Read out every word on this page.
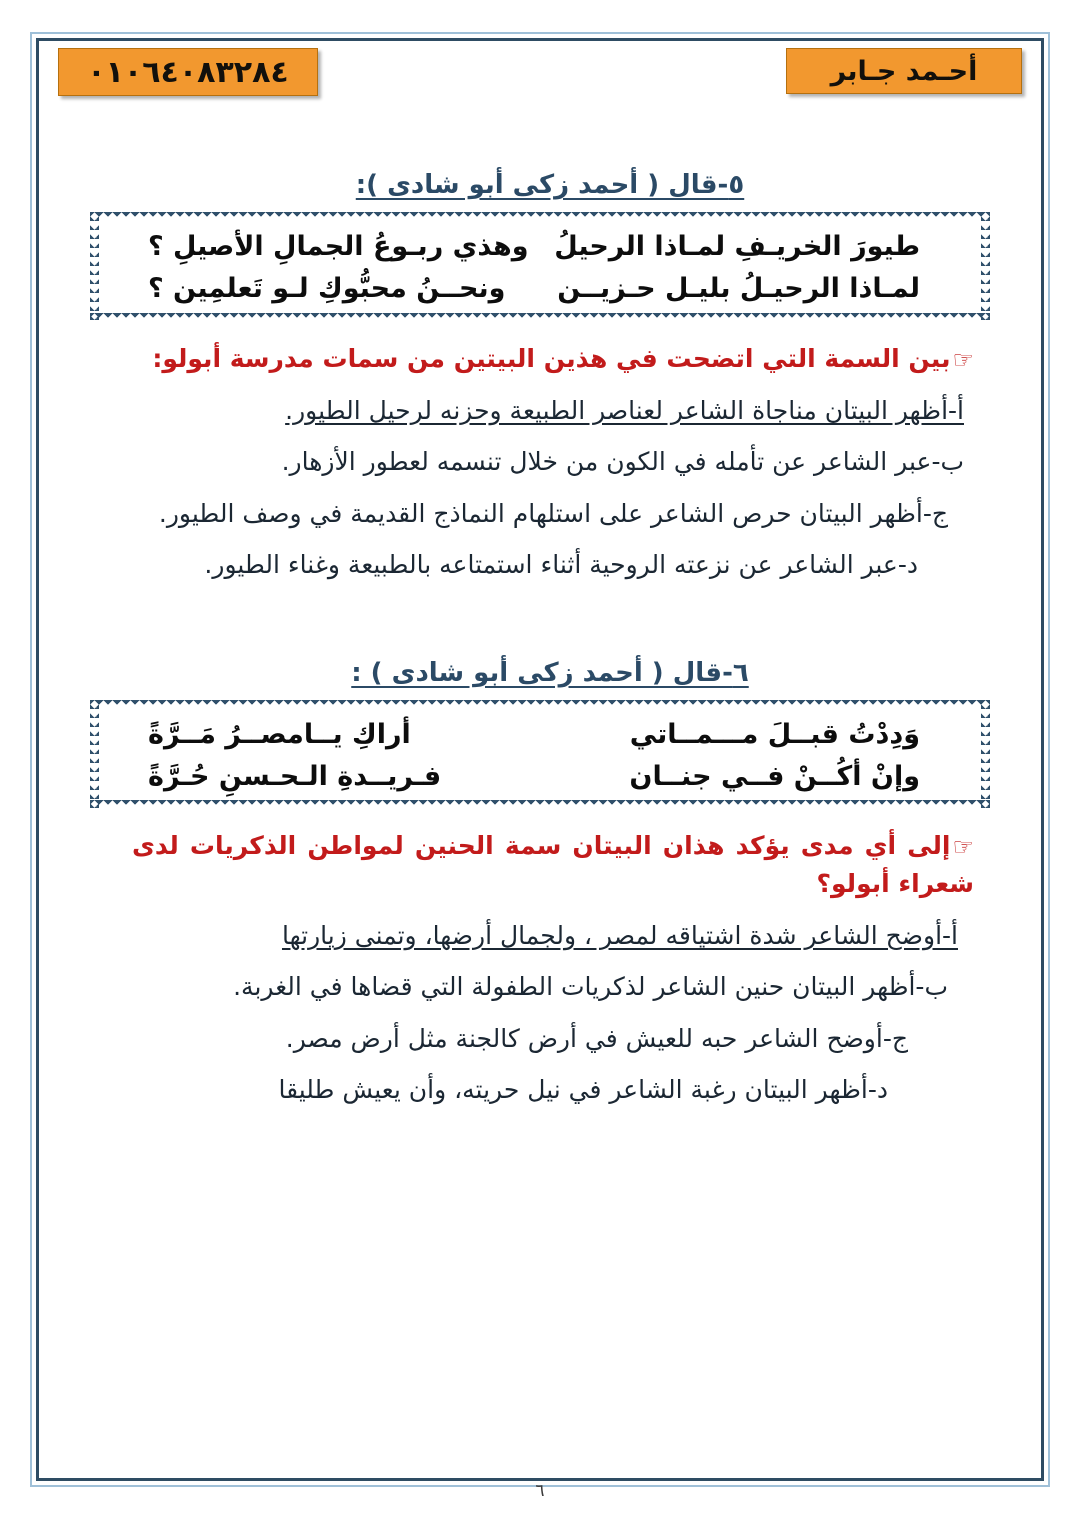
٠١٠٦٤٠٨٣٢٨٤	أحـمد جـابر
٥-قال ( أحمد زكى أبو شادى ):
طيورَ الخريـفِ لمـاذا الرحيلُ
وهذي ربـوعُ الجمالِ الأصيلِ ؟
لمـاذا الرحيـلُ بليـل حـزيــن
ونحــنُ محبُّوكِ لـو تَعلمِين ؟
☞بين السمة التي اتضحت في هذين البيتين من سمات مدرسة أبولو:
أ-أظهر البيتان مناجاة الشاعر لعناصر الطبيعة وحزنه لرحيل الطيور.
ب-عبر الشاعر عن تأمله في الكون من خلال تنسمه لعطور الأزهار.
ج-أظهر البيتان حرص الشاعر على استلهام النماذج القديمة في وصف الطيور.
د-عبر الشاعر عن نزعته الروحية أثناء استمتاعه بالطبيعة وغناء الطيور.
٦-قال ( أحمد زكى أبو شادى ) :
وَدِدْتُ قبــلَ مـــمــاتي
أراكِ يــامصــرُ مَــرَّةً
وإنْ أكُــنْ فــي جنــان
فـريــدةِ الـحـسنِ حُـرَّةً
☞إلى أي مدى يؤكد هذان البيتان سمة الحنين لمواطن الذكريات لدى شعراء أبولو؟
أ-أوضح الشاعر شدة اشتياقه لمصر ، ولجمال أرضها، وتمنى زيارتها
ب-أظهر البيتان حنين الشاعر لذكريات الطفولة التي قضاها في الغربة.
ج-أوضح الشاعر حبه للعيش في أرض كالجنة مثل أرض مصر.
د-أظهر البيتان رغبة الشاعر في نيل حريته، وأن يعيش طليقا
٦
